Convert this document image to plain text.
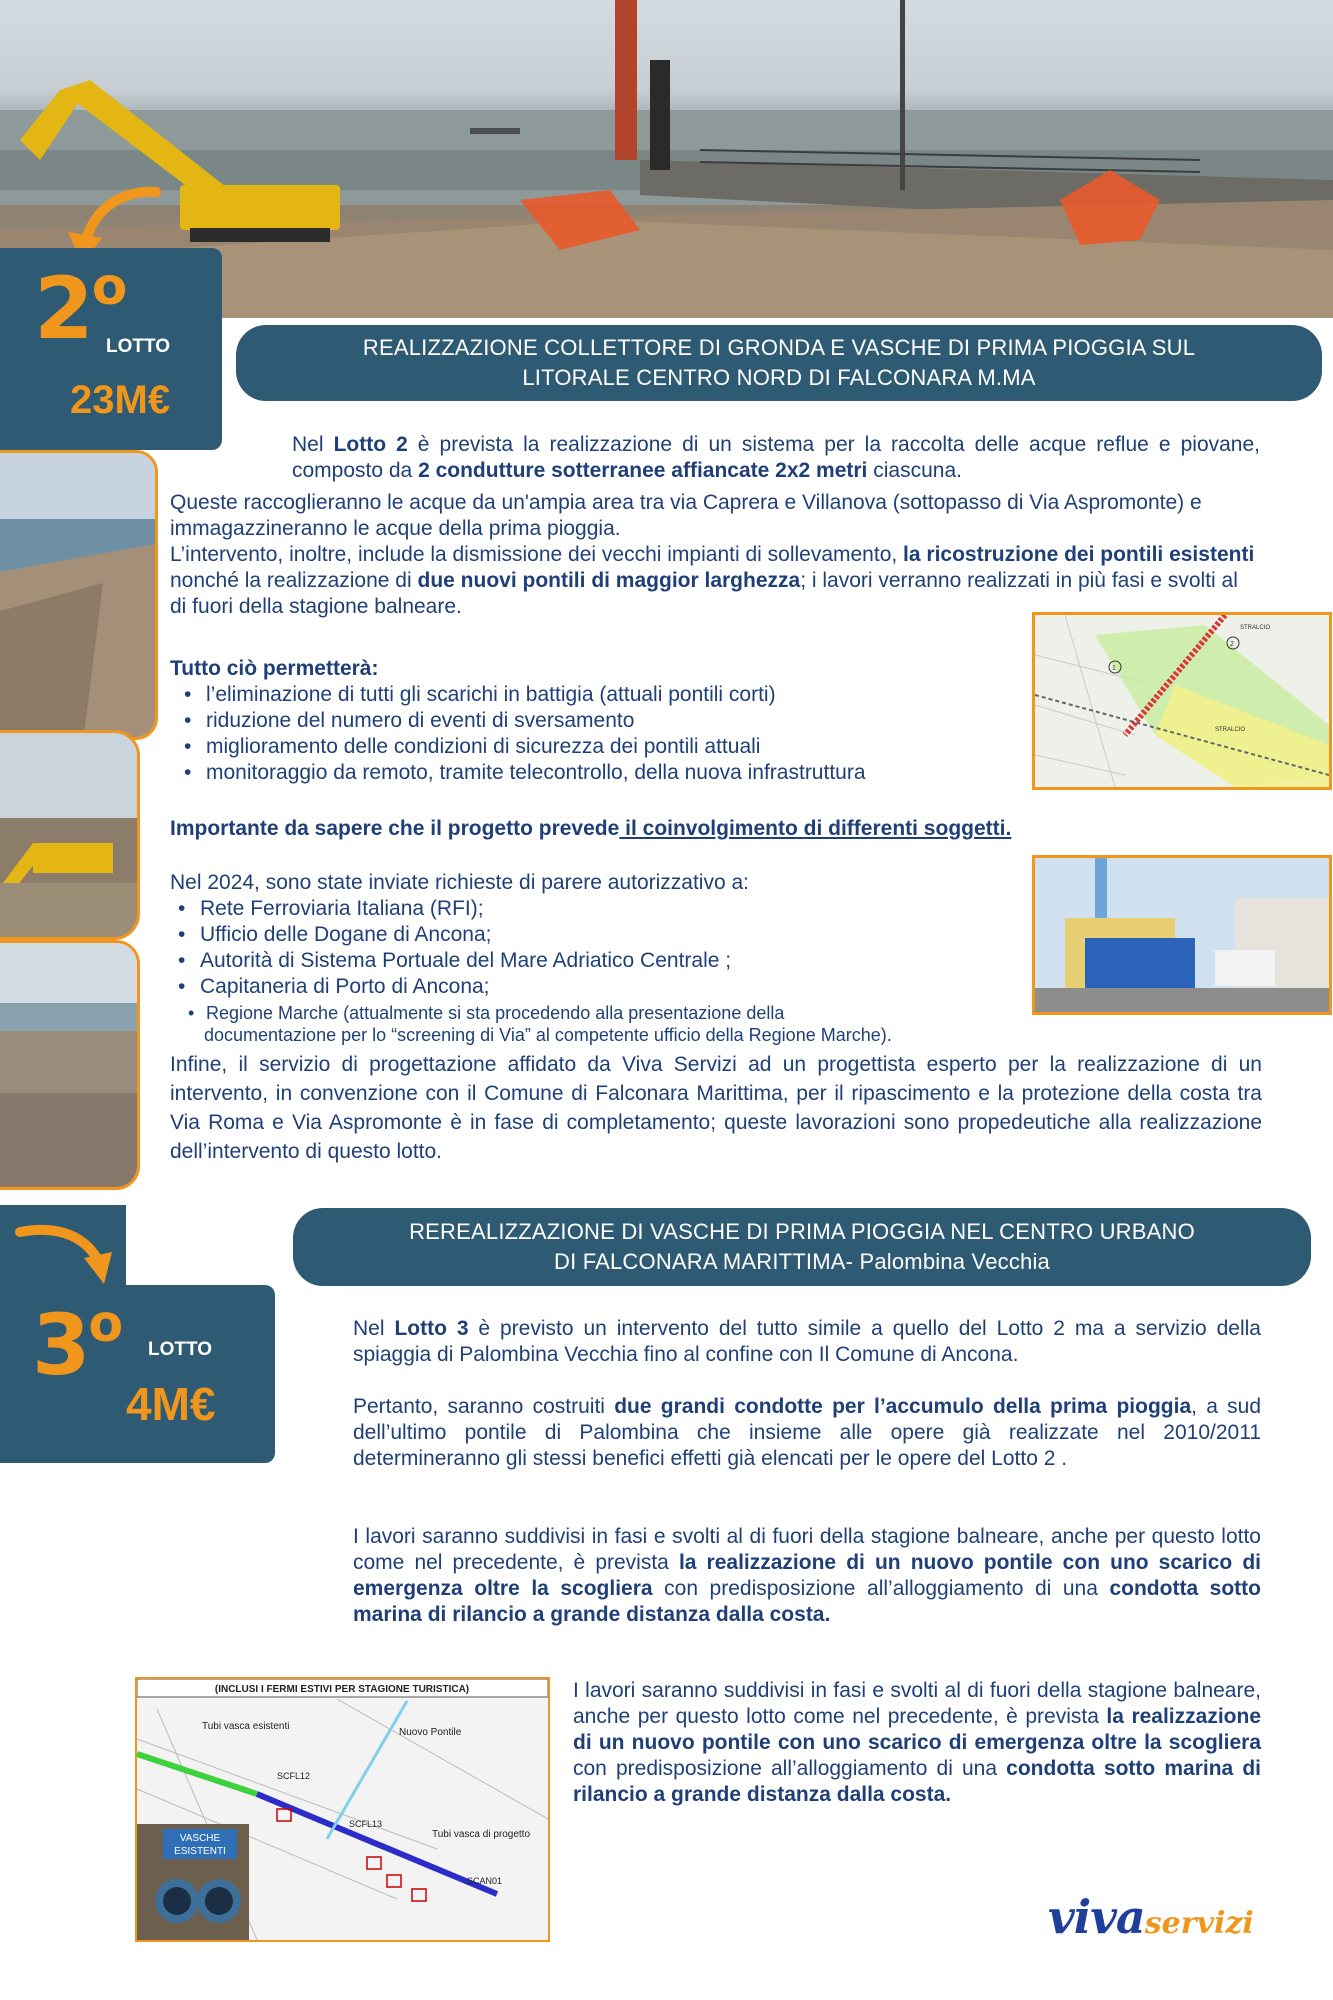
2$^o$
LOTTO
23M€
REALIZZAZIONE COLLETTORE DI GRONDA E VASCHE DI PRIMA PIOGGIA SUL
LITORALE CENTRO NORD DI FALCONARA M.MA
Nel Lotto 2 è prevista la realizzazione di un sistema per la raccolta delle acque reflue e piovane, composto da 2 condutture sotterranee affiancate 2x2 metri ciascuna.
Queste raccoglieranno le acque da un'ampia area tra via Caprera e Villanova (sottopasso di Via Aspromonte) e immagazzineranno le acque della prima pioggia.
L’intervento, inoltre, include la dismissione dei vecchi impianti di sollevamento, la ricostruzione dei pontili esistenti nonché la realizzazione di due nuovi pontili di maggior larghezza; i lavori verranno realizzati in più fasi e svolti al di fuori della stagione balneare.
Tutto ciò permetterà:
• l’eliminazione di tutti gli scarichi in battigia (attuali pontili corti)
• riduzione del numero di eventi di sversamento
• miglioramento delle condizioni di sicurezza dei pontili attuali
• monitoraggio da remoto, tramite telecontrollo, della nuova infrastruttura
STRALCIO
STRALCIO
1
2
Importante da sapere che il progetto prevede il coinvolgimento di differenti soggetti.
Nel 2024, sono state inviate richieste di parere autorizzativo a:
• Rete Ferroviaria Italiana (RFI);
• Ufficio delle Dogane di Ancona;
• Autorità di Sistema Portuale del Mare Adriatico Centrale ;
• Capitaneria di Porto di Ancona;
• Regione Marche (attualmente si sta procedendo alla presentazione della
documentazione per lo “screening di Via” al competente ufficio della Regione Marche).
Infine, il servizio di progettazione affidato da Viva Servizi ad un progettista esperto per la realizzazione di un intervento, in convenzione con il Comune di Falconara Marittima, per il ripascimento e la protezione della costa tra Via Roma e Via Aspromonte è in fase di completamento; queste lavorazioni sono propedeutiche alla realizzazione dell’intervento di questo lotto.
3$^o$ LOTTO
4M€
REREALIZZAZIONE DI VASCHE DI PRIMA PIOGGIA NEL CENTRO URBANO
DI FALCONARA MARITTIMA- Palombina Vecchia
Nel Lotto 3 è previsto un intervento del tutto simile a quello del Lotto 2 ma a servizio della spiaggia di Palombina Vecchia fino al confine con Il Comune di Ancona.
Pertanto, saranno costruiti due grandi condotte per l’accumulo della prima pioggia, a sud dell’ultimo pontile di Palombina che insieme alle opere già realizzate nel 2010/2011 determineranno gli stessi benefici effetti già elencati per le opere del Lotto 2 .
I lavori saranno suddivisi in fasi e svolti al di fuori della stagione balneare, anche per questo lotto come nel precedente, è prevista la realizzazione di un nuovo pontile con uno scarico di emergenza oltre la scogliera con predisposizione all’alloggiamento di una condotta sotto marina di rilancio a grande distanza dalla costa.
(INCLUSI I FERMI ESTIVI PER STAGIONE TURISTICA)
Tubi vasca esistenti
Nuovo Pontile
SCFL12
SCFL13
Tubi vasca di progetto
SCAN01
VASCHE
ESISTENTI
I lavori saranno suddivisi in fasi e svolti al di fuori della stagione balneare, anche per questo lotto come nel precedente, è prevista la realizzazione di un nuovo pontile con uno scarico di emergenza oltre la scogliera con predisposizione all’alloggiamento di una condotta sotto marina di rilancio a grande distanza dalla costa.
vivaservizi
